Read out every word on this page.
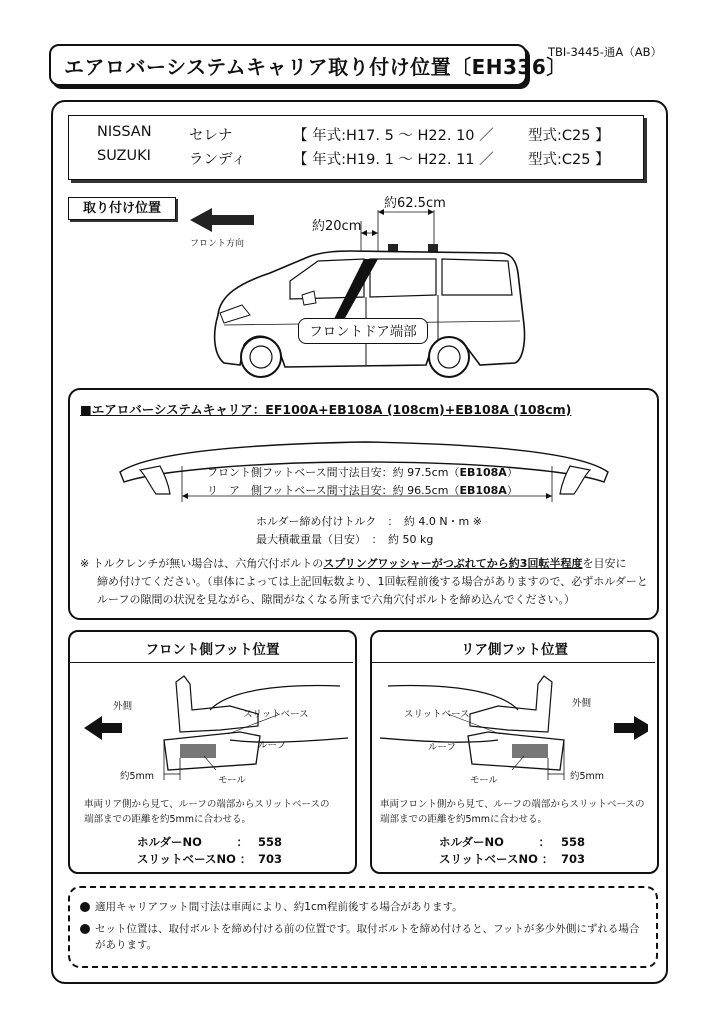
エアロバーシステムキャリア取り付け位置〔EH336〕
TBI-3445-通A（AB）
NISSAN	セレナ	【 年式:H17. 5 ～ H22. 10 ／ 型式:C25 】
SUZUKI	ランディ	【 年式:H19. 1 ～ H22. 11 ／ 型式:C25 】
取り付け位置
フロント方向
約62.5cm
約20cm
フロントドア端部
■エアロバーシステムキャリア：EF100A+EB108A (108cm)+EB108A (108cm)
フロント側フットベース間寸法目安：約 97.5cm（EB108A）
リ　ア　側フットベース間寸法目安：約 96.5cm（EB108A）
ホルダー締め付けトルク　：　約 4.0 N・m ※
最大積載重量（目安）　：　約 50 kg
※ トルクレンチが無い場合は、六角穴付ボルトのスプリングワッシャーがつぶれてから約3回転半程度を目安に
締め付けてください。（車体によっては上記回転数より、1回転程前後する場合がありますので、必ずホルダーと
ルーフの隙間の状況を見ながら、隙間がなくなる所まで六角穴付ボルトを締め込んでください。）
フロント側フット位置
外側
スリットベース
ルーフ
モール
約5mm
車両リア側から見て、ルーフの端部からスリットベースの
端部までの距離を約5mmに合わせる。
ホルダーNO　　　： 558
スリットベースNO ： 703
リア側フット位置
外側
スリットベース
ルーフ
モール	約5mm
車両フロント側から見て、ルーフの端部からスリットベースの
端部までの距離を約5mmに合わせる。
ホルダーNO　　　： 558
スリットベースNO ： 703
適用キャリアフット間寸法は車両により、約1cm程前後する場合があります。
セット位置は、取付ボルトを締め付ける前の位置です。取付ボルトを締め付けると、フットが多少外側にずれる場合があります。
